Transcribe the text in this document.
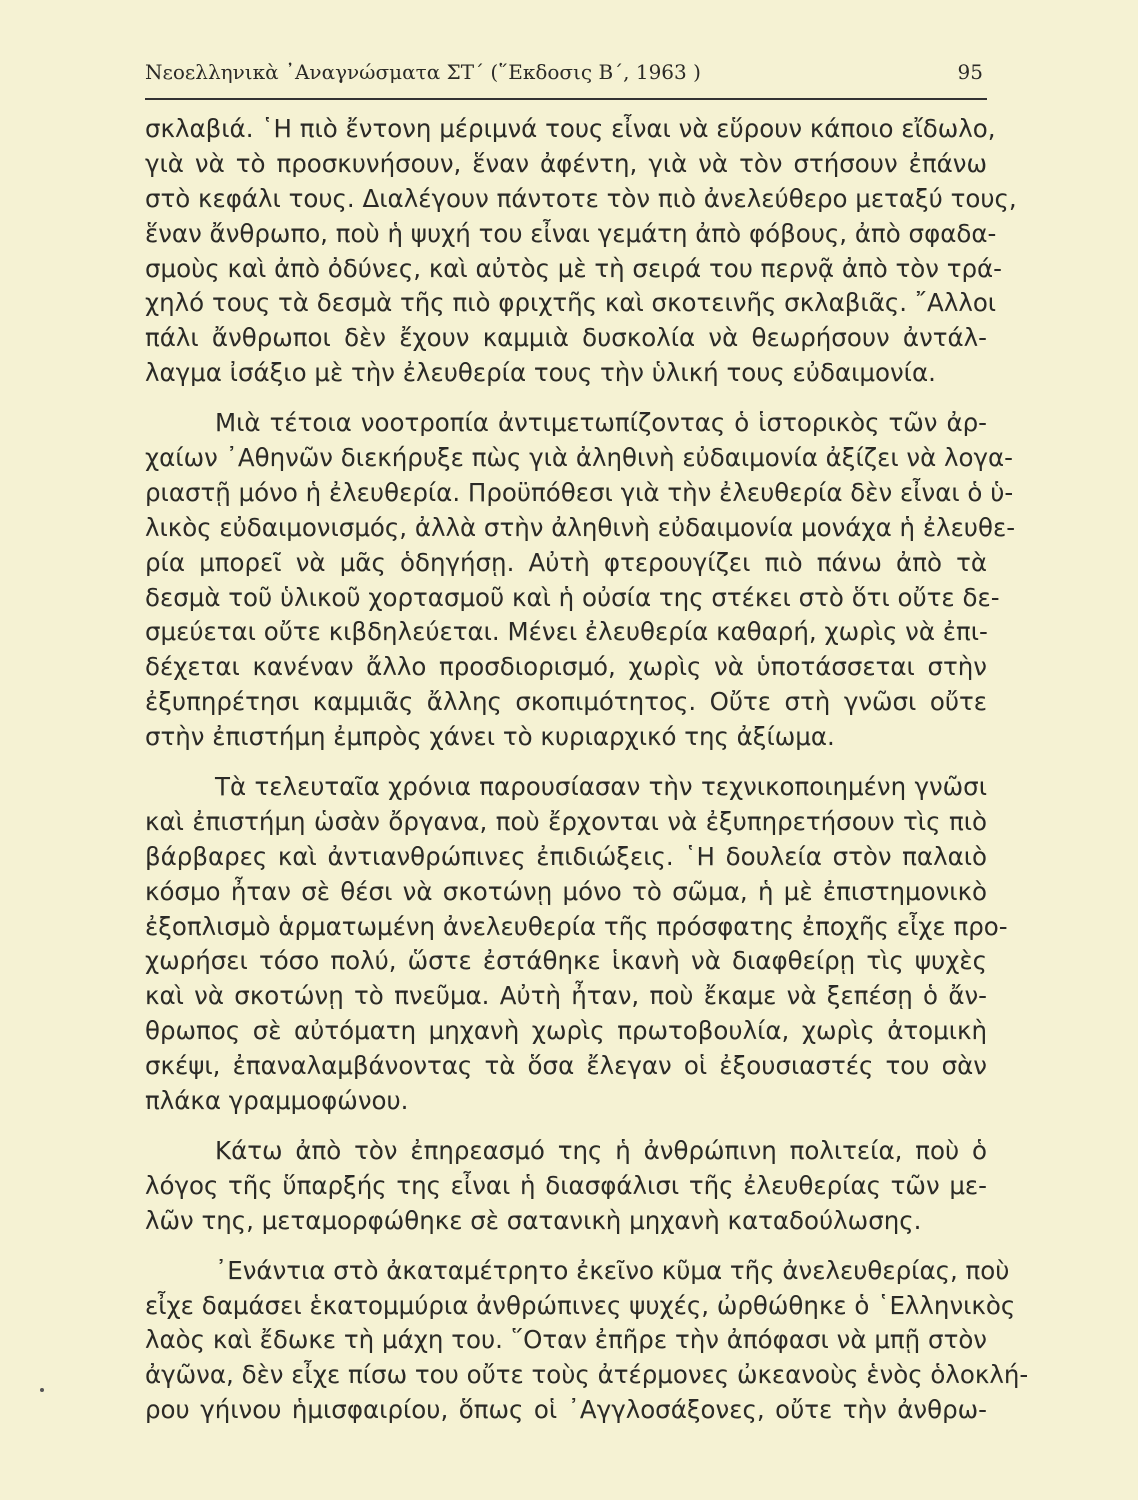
Νεοελληνικὰ ᾿Αναγνώσματα ΣΤ΄ (῞Εκδοσις Β΄, 1963 )	95
σκλαβιά. ῾Η πιὸ ἔντονη μέριμνά τους εἶναι νὰ εὕρουν κάποιο εἴδωλο,
γιὰ νὰ τὸ προσκυνήσουν, ἕναν ἀφέντη, γιὰ νὰ τὸν στήσουν ἐπάνω
στὸ κεφάλι τους. Διαλέγουν πάντοτε τὸν πιὸ ἀνελεύθερο μεταξύ τους,
ἕναν ἄνθρωπο, ποὺ ἡ ψυχή του εἶναι γεμάτη ἀπὸ φόβους, ἀπὸ σφαδα-
σμοὺς καὶ ἀπὸ ὀδύνες, καὶ αὐτὸς μὲ τὴ σειρά του περνᾷ ἀπὸ τὸν τρά-
χηλό τους τὰ δεσμὰ τῆς πιὸ φριχτῆς καὶ σκοτεινῆς σκλαβιᾶς. ῎Αλλοι
πάλι ἄνθρωποι δὲν ἔχουν καμμιὰ δυσκολία νὰ θεωρήσουν ἀντάλ-
λαγμα ἰσάξιο μὲ τὴν ἐλευθερία τους τὴν ὑλική τους εὐδαιμονία.
Μιὰ τέτοια νοοτροπία ἀντιμετωπίζοντας ὁ ἱστορικὸς τῶν ἀρ-
χαίων ᾿Αθηνῶν διεκήρυξε πὼς γιὰ ἀληθινὴ εὐδαιμονία ἀξίζει νὰ λογα-
ριαστῇ μόνο ἡ ἐλευθερία. Προϋπόθεσι γιὰ τὴν ἐλευθερία δὲν εἶναι ὁ ὑ-
λικὸς εὐδαιμονισμός, ἀλλὰ στὴν ἀληθινὴ εὐδαιμονία μονάχα ἡ ἐλευθε-
ρία μπορεῖ νὰ μᾶς ὁδηγήσῃ. Αὐτὴ φτερουγίζει πιὸ πάνω ἀπὸ τὰ
δεσμὰ τοῦ ὑλικοῦ χορτασμοῦ καὶ ἡ οὐσία της στέκει στὸ ὅτι οὔτε δε-
σμεύεται οὔτε κιβδηλεύεται. Μένει ἐλευθερία καθαρή, χωρὶς νὰ ἐπι-
δέχεται κανέναν ἄλλο προσδιορισμό, χωρὶς νὰ ὑποτάσσεται στὴν
ἐξυπηρέτησι καμμιᾶς ἄλλης σκοπιμότητος. Οὔτε στὴ γνῶσι οὔτε
στὴν ἐπιστήμη ἐμπρὸς χάνει τὸ κυριαρχικό της ἀξίωμα.
Τὰ τελευταῖα χρόνια παρουσίασαν τὴν τεχνικοποιημένη γνῶσι
καὶ ἐπιστήμη ὡσὰν ὄργανα, ποὺ ἔρχονται νὰ ἐξυπηρετήσουν τὶς πιὸ
βάρβαρες καὶ ἀντιανθρώπινες ἐπιδιώξεις. ῾Η δουλεία στὸν παλαιὸ
κόσμο ἦταν σὲ θέσι νὰ σκοτώνῃ μόνο τὸ σῶμα, ἡ μὲ ἐπιστημονικὸ
ἐξοπλισμὸ ἁρματωμένη ἀνελευθερία τῆς πρόσφατης ἐποχῆς εἶχε προ-
χωρήσει τόσο πολύ, ὥστε ἐστάθηκε ἱκανὴ νὰ διαφθείρῃ τὶς ψυχὲς
καὶ νὰ σκοτώνῃ τὸ πνεῦμα. Αὐτὴ ἦταν, ποὺ ἔκαμε νὰ ξεπέσῃ ὁ ἄν-
θρωπος σὲ αὐτόματη μηχανὴ χωρὶς πρωτοβουλία, χωρὶς ἀτομικὴ
σκέψι, ἐπαναλαμβάνοντας τὰ ὅσα ἔλεγαν οἱ ἐξουσιαστές του σὰν
πλάκα γραμμοφώνου.
Κάτω ἀπὸ τὸν ἐπηρεασμό της ἡ ἀνθρώπινη πολιτεία, ποὺ ὁ
λόγος τῆς ὕπαρξής της εἶναι ἡ διασφάλισι τῆς ἐλευθερίας τῶν με-
λῶν της, μεταμορφώθηκε σὲ σατανικὴ μηχανὴ καταδούλωσης.
᾿Ενάντια στὸ ἀκαταμέτρητο ἐκεῖνο κῦμα τῆς ἀνελευθερίας, ποὺ
εἶχε δαμάσει ἑκατομμύρια ἀνθρώπινες ψυχές, ὠρθώθηκε ὁ ῾Ελληνικὸς
λαὸς καὶ ἔδωκε τὴ μάχη του. ῞Οταν ἐπῆρε τὴν ἀπόφασι νὰ μπῇ στὸν
ἀγῶνα, δὲν εἶχε πίσω του οὔτε τοὺς ἀτέρμονες ὠκεανοὺς ἑνὸς ὁλοκλή-
ρου γήινου ἡμισφαιρίου, ὅπως οἱ ᾿Αγγλοσάξονες, οὔτε τὴν ἀνθρω-
